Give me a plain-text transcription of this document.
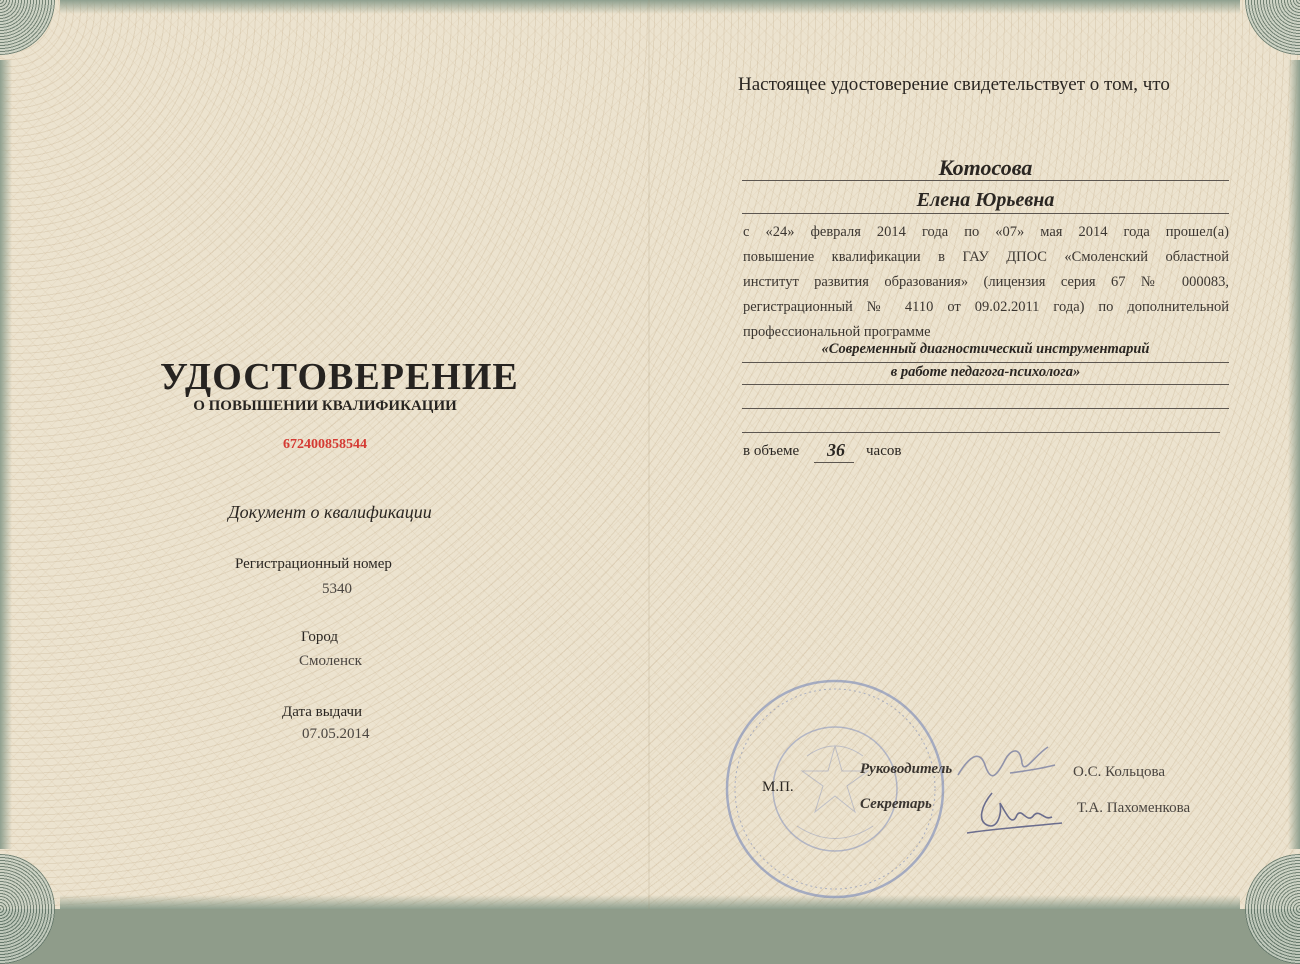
УДОСТОВЕРЕНИЕ
О ПОВЫШЕНИИ КВАЛИФИКАЦИИ
672400858544
Документ о квалификации
Регистрационный номер
5340
Город
Смоленск
Дата выдачи
07.05.2014
Настоящее удостоверение свидетельствует о том, что
Котосова
Елена Юрьевна
с «24» февраля 2014 года по «07» мая 2014 года прошел(а)
повышение квалификации в ГАУ ДПОС «Смоленский областной
институт развития образования» (лицензия серия 67 № 000083,
регистрационный № 4110 от 09.02.2011 года) по дополнительной
профессиональной программе
«Современный диагностический инструментарий
в работе педагога-психолога»
в объеме	36	часов
М.П.
Руководитель	О.С. Кольцова
Секретарь	Т.А. Пахоменкова
